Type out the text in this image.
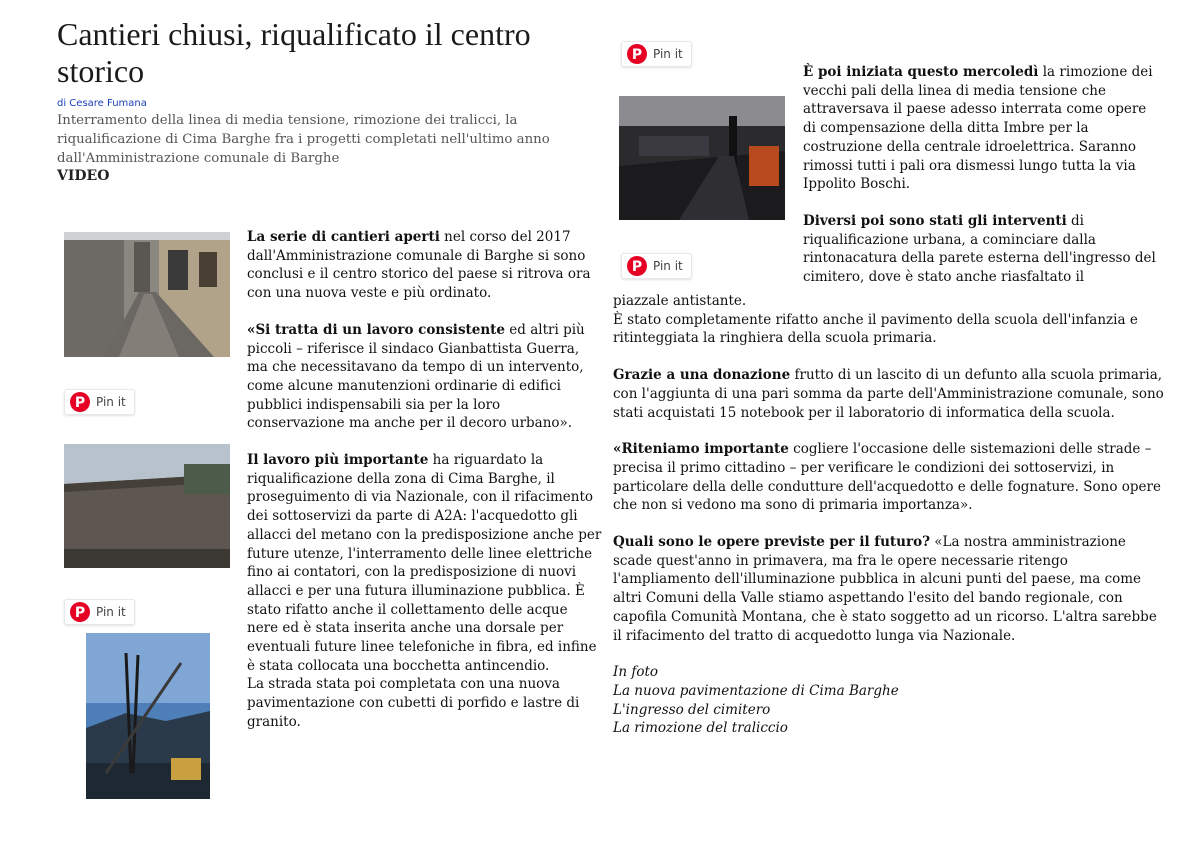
Cantieri chiusi, riqualificato il centro storico
di Cesare Fumana
Interramento della linea di media tensione, rimozione dei tralicci, la riqualificazione di Cima Barghe fra i progetti completati nell'ultimo anno dall'Amministrazione comunale di Barghe
VIDEO
P Pin it
P Pin it

La serie di cantieri aperti nel corso del 2017 dall'Amministrazione comunale di Barghe si sono conclusi e il centro storico del paese si ritrova ora con una nuova veste e più ordinato.

«Si tratta di un lavoro consistente ed altri più piccoli – riferisce il sindaco Gianbattista Guerra, ma che necessitavano da tempo di un intervento, come alcune manutenzioni ordinarie di edifici pubblici indispensabili sia per la loro conservazione ma anche per il decoro urbano».

Il lavoro più importante ha riguardato la riqualificazione della zona di Cima Barghe, il proseguimento di via Nazionale, con il rifacimento dei sottoservizi da parte di A2A: l'acquedotto gli allacci del metano con la predisposizione anche per future utenze, l'interramento delle linee elettriche fino ai contatori, con la predisposizione di nuovi allacci e per una futura illuminazione pubblica. È stato rifatto anche il collettamento delle acque nere ed è stata inserita anche una dorsale per eventuali future linee telefoniche in fibra, ed infine è stata collocata una bocchetta antincendio.

La strada stata poi completata con una nuova pavimentazione con cubetti di porfido e lastre di granito.

P Pin it
P Pin it

È poi iniziata questo mercoledì la rimozione dei vecchi pali della linea di media tensione che attraversava il paese adesso interrata come opere di compensazione della ditta Imbre per la costruzione della centrale idroelettrica. Saranno rimossi tutti i pali ora dismessi lungo tutta la via Ippolito Boschi.

Diversi poi sono stati gli interventi di riqualificazione urbana, a cominciare dalla rintonacatura della parete esterna dell'ingresso del cimitero, dove è stato anche riasfaltato il

piazzale antistante.

È stato completamente rifatto anche il pavimento della scuola dell'infanzia e ritinteggiata la ringhiera della scuola primaria.

Grazie a una donazione frutto di un lascito di un defunto alla scuola primaria, con l'aggiunta di una pari somma da parte dell'Amministrazione comunale, sono stati acquistati 15 notebook per il laboratorio di informatica della scuola.

«Riteniamo importante cogliere l'occasione delle sistemazioni delle strade – precisa il primo cittadino – per verificare le condizioni dei sottoservizi, in particolare della delle condutture dell'acquedotto e delle fognature. Sono opere che non si vedono ma sono di primaria importanza».

Quali sono le opere previste per il futuro? «La nostra amministrazione scade quest'anno in primavera, ma fra le opere necessarie ritengo l'ampliamento dell'illuminazione pubblica in alcuni punti del paese, ma come altri Comuni della Valle stiamo aspettando l'esito del bando regionale, con capofila Comunità Montana, che è stato soggetto ad un ricorso. L'altra sarebbe il rifacimento del tratto di acquedotto lunga via Nazionale.

In foto

La nuova pavimentazione di Cima Barghe

L'ingresso del cimitero

La rimozione del traliccio
